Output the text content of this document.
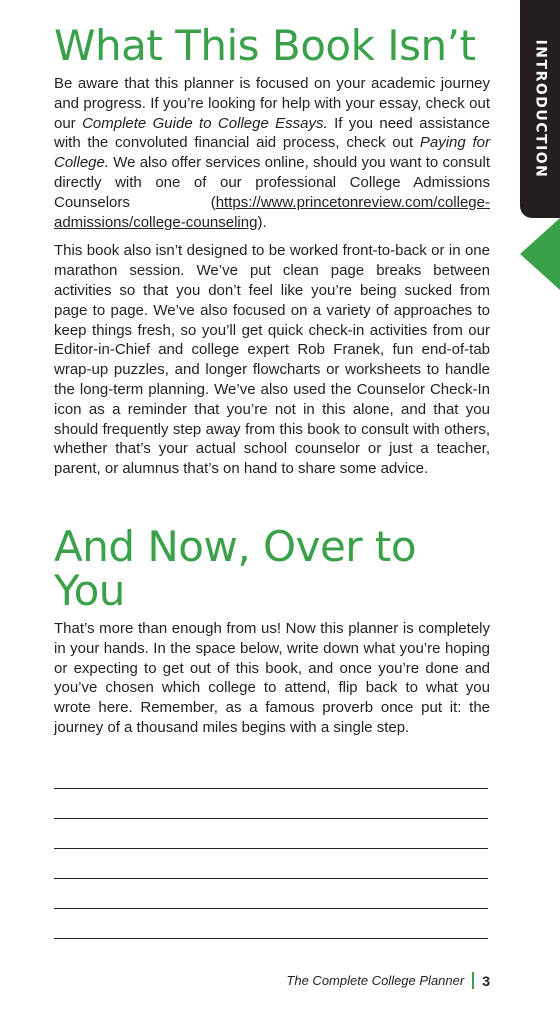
INTRODUCTION
What This Book Isn’t

Be aware that this planner is focused on your academic journey and progress. If you’re looking for help with your essay, check out our Complete Guide to College Essays. If you need assistance with the convoluted financial aid process, check out Paying for College. We also offer services online, should you want to consult directly with one of our professional College Admissions Counselors (https://www.princetonreview.com/college-admissions/college-counseling).

This book also isn’t designed to be worked front-to-back or in one marathon session. We’ve put clean page breaks between activities so that you don’t feel like you’re being sucked from page to page. We’ve also focused on a variety of approaches to keep things fresh, so you’ll get quick check-in activities from our Editor-in-Chief and college expert Rob Franek, fun end-of-tab wrap-up puzzles, and longer flowcharts or worksheets to handle the long-term planning. We’ve also used the Counselor Check-In icon as a reminder that you’re not in this alone, and that you should frequently step away from this book to consult with others, whether that’s your actual school counselor or just a teacher, parent, or alumnus that’s on hand to share some advice.

And Now, Over to You

That’s more than enough from us! Now this planner is completely in your hands. In the space below, write down what you’re hoping or expecting to get out of this book, and once you’re done and you’ve chosen which college to attend, flip back to what you wrote here. Remember, as a famous proverb once put it: the journey of a thousand miles begins with a single step.

The Complete College Planner 3
